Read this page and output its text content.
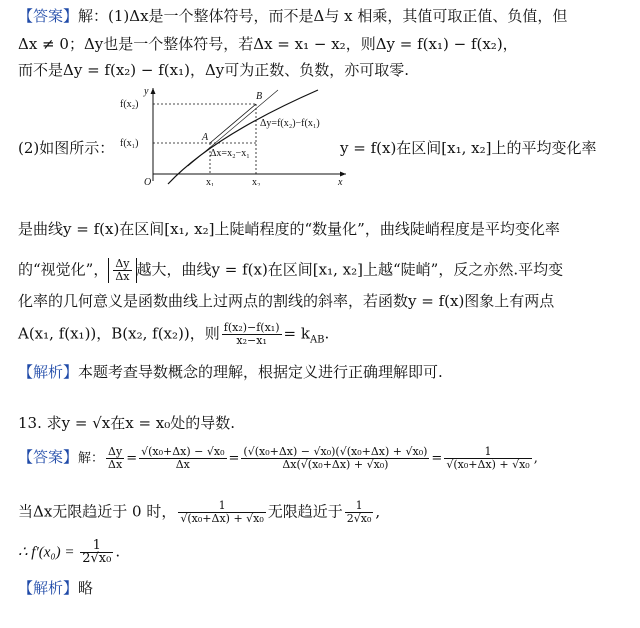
【答案】解：(1)Δx是一个整体符号，而不是Δ与 x 相乘，其值可取正值、负值，但
Δx ≠ 0；Δy也是一个整体符号，若Δx = x₁ − x₂，则Δy = f(x₁) − f(x₂)，
而不是Δy = f(x₂) − f(x₁)，Δy可为正数、负数，亦可取零.
(2)如图所示：
y
x
O
f(x₂)
f(x₁)
A
B
x₁	x₂
Δx=x₂−x₁
Δy=f(x₂)−f(x₁)
y = f(x)在区间[x₁, x₂]上的平均变化率
是曲线y = f(x)在区间[x₁, x₂]上陡峭程度的“数量化”，曲线陡峭程度是平均变化率
的“视觉化”， $\frac{\Delta y}{\Delta x}$ 越大，曲线y = f(x)在区间[x₁, x₂]上越“陡峭”，反之亦然.平均变
化率的几何意义是函数曲线上过两点的割线的斜率，若函数y = f(x)图象上有两点
A(x₁, f(x₁))，B(x₂, f(x₂))，则 $\frac{\text{f(x₂)−f(x₁)}}{\text{x₂−x₁}} = k_{AB}$.
【解析】本题考查导数概念的理解，根据定义进行正确理解即可.
13. 求y = √x在x = x₀处的导数.
【答案】解： $\frac{\Delta y}{\Delta x} = \frac{\text{√(x₀+Δx) − √x₀}}{\Delta x} = \frac{\text{(√(x₀+Δx) − √x₀)(√(x₀+Δx) + √x₀)}}{\text{Δx(√(x₀+Δx) + √x₀)}} = \frac{1}{\text{√(x₀+Δx) + √x₀}}$ ,
当Δx无限趋近于 0 时， $\frac{1}{\text{√(x₀+Δx) + √x₀}}$ 无限趋近于 $\frac{1}{\text{2√x₀}}$ ,
∴ $f'(x_0) = \frac{1}{\text{2√x₀}}$ .
【解析】略
